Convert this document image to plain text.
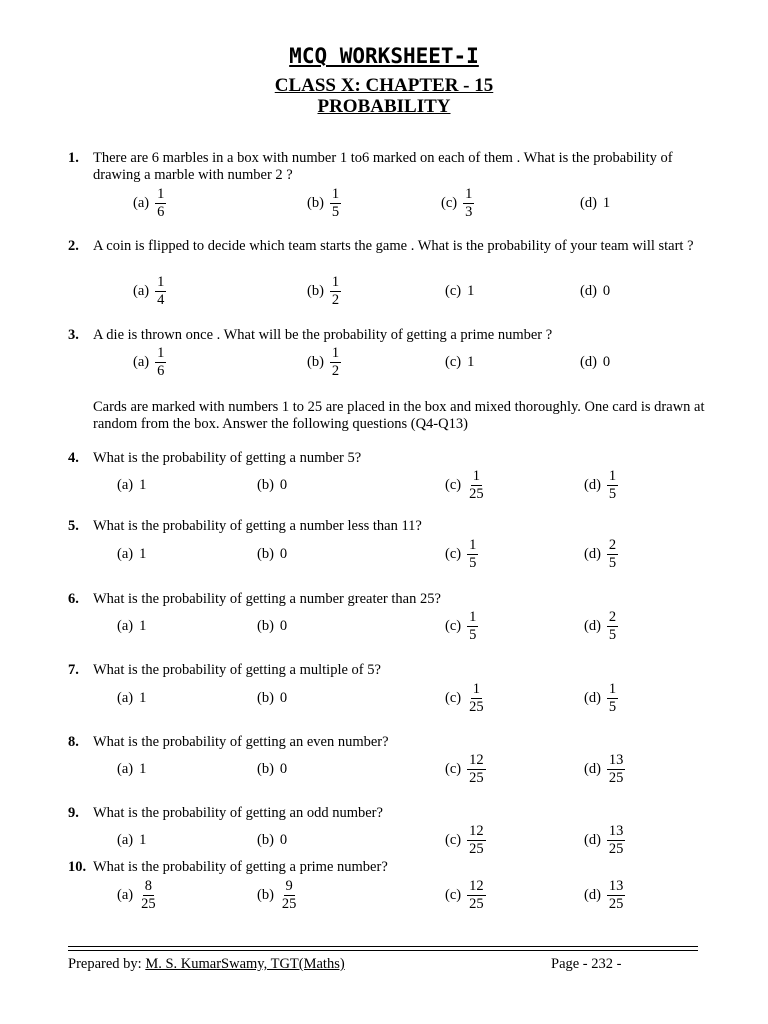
MCQ WORKSHEET-I
CLASS X: CHAPTER - 15
PROBABILITY
1. There are 6 marbles in a box with number 1 to6 marked on each of them . What is the probability of drawing a marble with number 2 ?
$(a) \frac{1}{6}$	$(b) \frac{1}{5}$	$(c) \frac{1}{3}$	(d) 1
2. A coin is flipped to decide which team starts the game . What is the probability of your team will start ?
$(a) \frac{1}{4}$	$(b) \frac{1}{2}$	(c) 1	(d) 0
3. A die is thrown once . What will be the probability of getting a prime number ?
$(a) \frac{1}{6}$	$(b) \frac{1}{2}$	(c) 1	(d) 0
Cards are marked with numbers 1 to 25 are placed in the box and mixed thoroughly. One card is drawn at random from the box. Answer the following questions (Q4-Q13)
4. What is the probability of getting a number 5?
(a) 1	(b) 0	$(c) \frac{1}{25}$	$(d) \frac{1}{5}$
5. What is the probability of getting a number less than 11?
(a) 1	(b) 0	$(c) \frac{1}{5}$	$(d) \frac{2}{5}$
6. What is the probability of getting a number greater than 25?
(a) 1	(b) 0	$(c) \frac{1}{5}$	$(d) \frac{2}{5}$
7. What is the probability of getting a multiple of 5?
(a) 1	(b) 0	$(c) \frac{1}{25}$	$(d) \frac{1}{5}$
8. What is the probability of getting an even number?
(a) 1	(b) 0	$(c) \frac{12}{25}$	$(d) \frac{13}{25}$
9. What is the probability of getting an odd number?
(a) 1	(b) 0	$(c) \frac{12}{25}$	$(d) \frac{13}{25}$
10. What is the probability of getting a prime number?
$(a) \frac{8}{25}$	$(b) \frac{9}{25}$	$(c) \frac{12}{25}$	$(d) \frac{13}{25}$
Prepared by: M. S. KumarSwamy, TGT(Maths)	Page - 232 -
